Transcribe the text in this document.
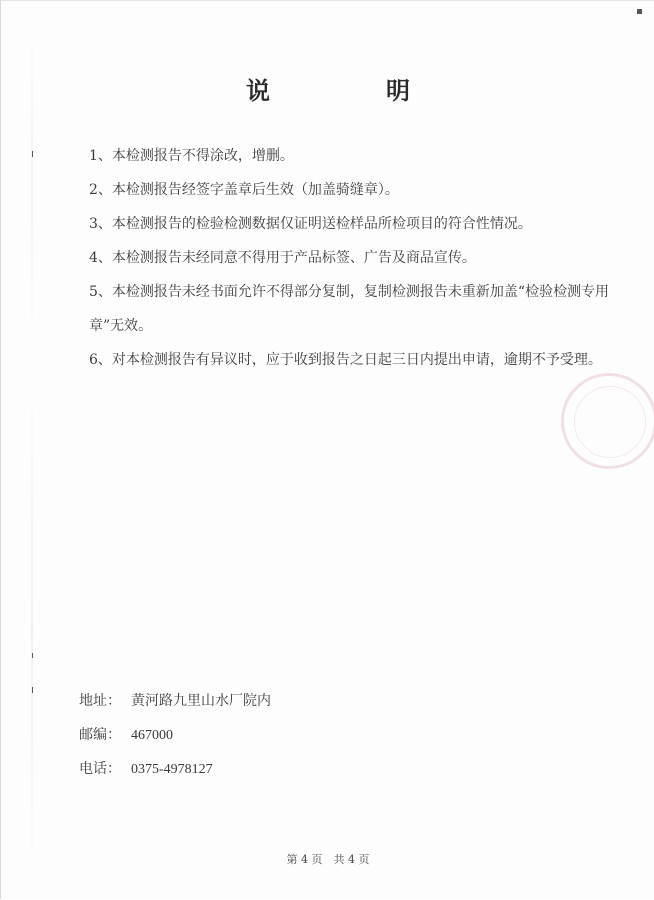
说　明

1、本检测报告不得涂改，增删。

2、本检测报告经签字盖章后生效（加盖骑缝章）。

3、本检测报告的检验检测数据仅证明送检样品所检项目的符合性情况。

4、本检测报告未经同意不得用于产品标签、广告及商品宣传。

5、本检测报告未经书面允许不得部分复制，复制检测报告未重新加盖“检验检测专用章”无效。

6、对本检测报告有异议时，应于收到报告之日起三日内提出申请，逾期不予受理。

地址： 黄河路九里山水厂院内
邮编： 467000
电话： 0375-4978127
第 4 页　共 4 页
